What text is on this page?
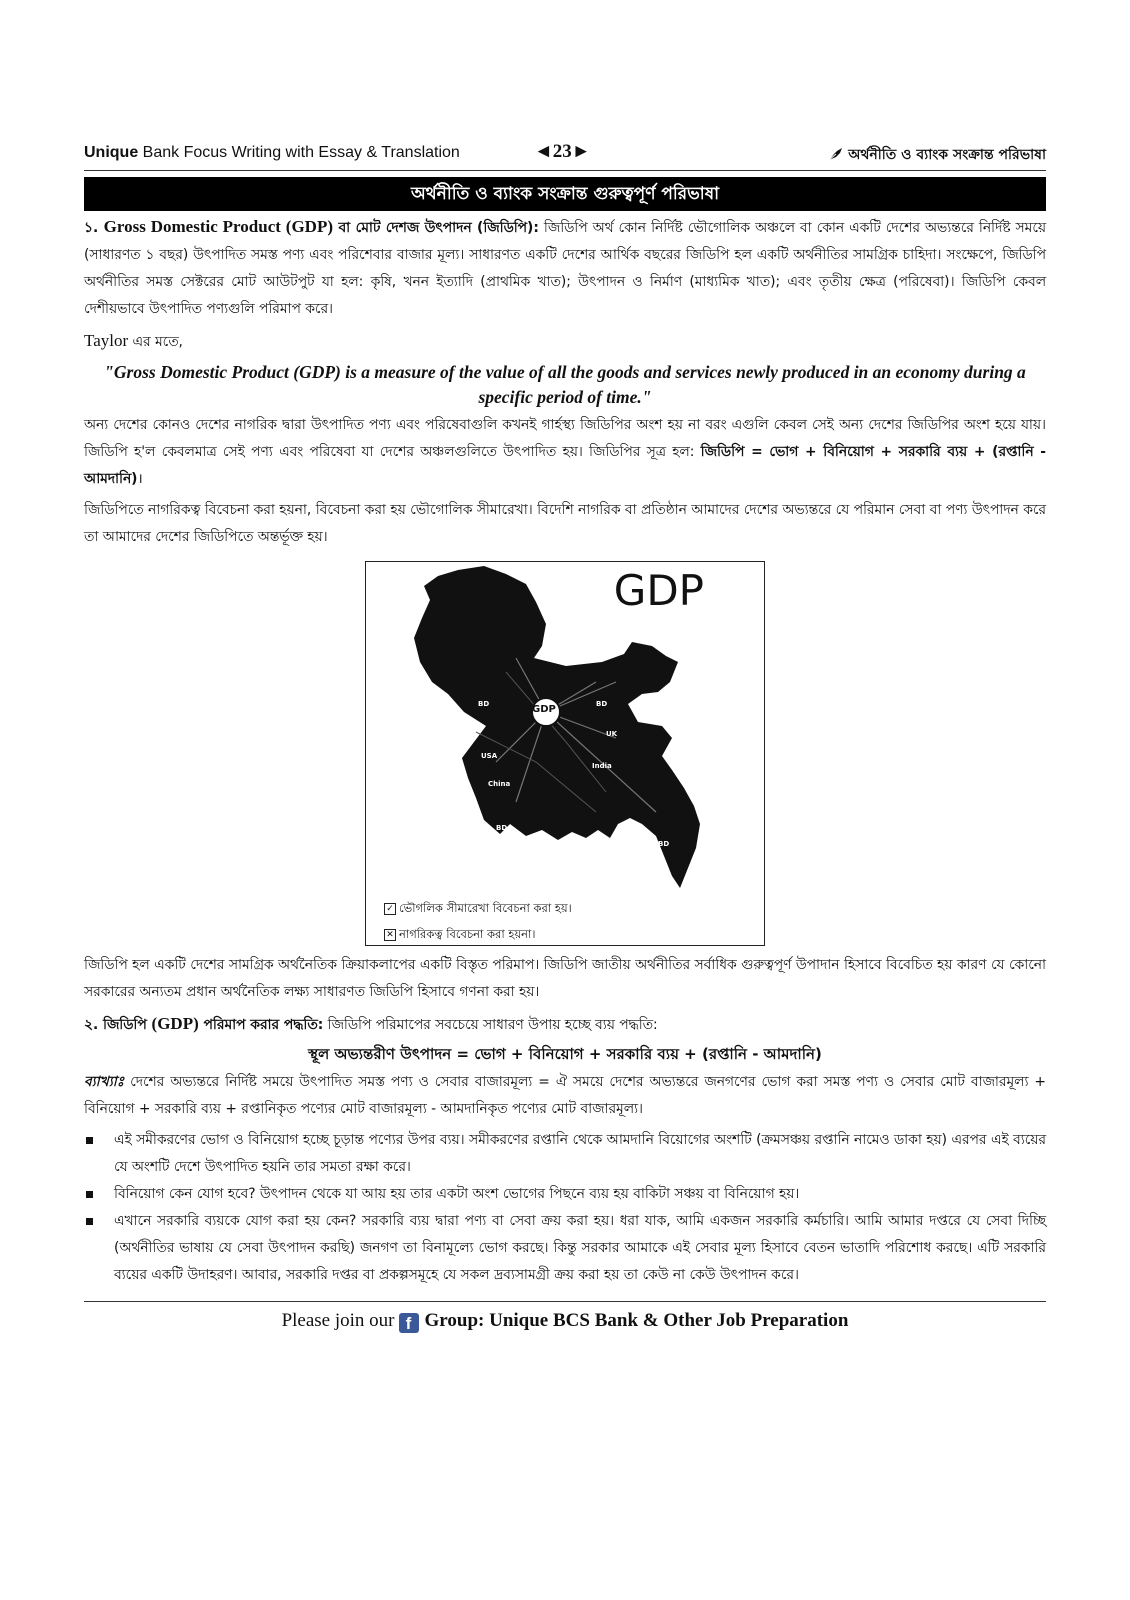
Unique Bank Focus Writing with Essay & Translation	◄23►	অর্থনীতি ও ব্যাংক সংক্রান্ত পরিভাষা
অর্থনীতি ও ব্যাংক সংক্রান্ত গুরুত্বপূর্ণ পরিভাষা

১. Gross Domestic Product (GDP) বা মোট দেশজ উৎপাদন (জিডিপি): জিডিপি অর্থ কোন নির্দিষ্ট ভৌগোলিক অঞ্চলে বা কোন একটি দেশের অভ্যন্তরে নির্দিষ্ট সময়ে (সাধারণত ১ বছর) উৎপাদিত সমস্ত পণ্য এবং পরিশেবার বাজার মূল্য। সাধারণত একটি দেশের আর্থিক বছরের জিডিপি হল একটি অর্থনীতির সামগ্রিক চাহিদা। সংক্ষেপে, জিডিপি অর্থনীতির সমস্ত সেক্টরের মোট আউটপুট যা হল: কৃষি, খনন ইত্যাদি (প্রাথমিক খাত); উৎপাদন ও নির্মাণ (মাধ্যমিক খাত); এবং তৃতীয় ক্ষেত্র (পরিষেবা)। জিডিপি কেবল দেশীয়ভাবে উৎপাদিত পণ্যগুলি পরিমাপ করে।

Taylor এর মতে,

"Gross Domestic Product (GDP) is a measure of the value of all the goods and services newly produced in an economy during a specific period of time."

অন্য দেশের কোনও দেশের নাগরিক দ্বারা উৎপাদিত পণ্য এবং পরিষেবাগুলি কখনই গার্হস্থ্য জিডিপির অংশ হয় না বরং এগুলি কেবল সেই অন্য দেশের জিডিপির অংশ হয়ে যায়। জিডিপি হ'ল কেবলমাত্র সেই পণ্য এবং পরিষেবা যা দেশের অঞ্চলগুলিতে উৎপাদিত হয়। জিডিপির সূত্র হল: জিডিপি = ভোগ + বিনিয়োগ + সরকারি ব্যয় + (রপ্তানি - আমদানি)।

জিডিপিতে নাগরিকত্ব বিবেচনা করা হয়না, বিবেচনা করা হয় ভৌগোলিক সীমারেখা। বিদেশি নাগরিক বা প্রতিষ্ঠান আমাদের দেশের অভ্যন্তরে যে পরিমান সেবা বা পণ্য উৎপাদন করে তা আমাদের দেশের জিডিপিতে অন্তর্ভূক্ত হয়।

GDP
GDP
BD	BD
USA
China
BD
UK
India
BD
✓ ভৌগলিক সীমারেখা বিবেচনা করা হয়।
✕ নাগরিকত্ব বিবেচনা করা হয়না।

জিডিপি হল একটি দেশের সামগ্রিক অর্থনৈতিক ক্রিয়াকলাপের একটি বিস্তৃত পরিমাপ। জিডিপি জাতীয় অর্থনীতির সর্বাধিক গুরুত্বপূর্ণ উপাদান হিসাবে বিবেচিত হয় কারণ যে কোনো সরকারের অন্যতম প্রধান অর্থনৈতিক লক্ষ্য সাধারণত জিডিপি হিসাবে গণনা করা হয়।

২. জিডিপি (GDP) পরিমাপ করার পদ্ধতি: জিডিপি পরিমাপের সবচেয়ে সাধারণ উপায় হচ্ছে ব্যয় পদ্ধতি:

স্থূল অভ্যন্তরীণ উৎপাদন = ভোগ + বিনিয়োগ + সরকারি ব্যয় + (রপ্তানি - আমদানি)

ব্যাখ্যাঃ দেশের অভ্যন্তরে নির্দিষ্ট সময়ে উৎপাদিত সমস্ত পণ্য ও সেবার বাজারমূল্য = ঐ সময়ে দেশের অভ্যন্তরে জনগণের ভোগ করা সমস্ত পণ্য ও সেবার মোট বাজারমূল্য + বিনিয়োগ + সরকারি ব্যয় + রপ্তানিকৃত পণ্যের মোট বাজারমূল্য - আমদানিকৃত পণ্যের মোট বাজারমূল্য।

এই সমীকরণের ভোগ ও বিনিয়োগ হচ্ছে চূড়ান্ত পণ্যের উপর ব্যয়। সমীকরণের রপ্তানি থেকে আমদানি বিয়োগের অংশটি (ক্রমসঞ্চয় রপ্তানি নামেও ডাকা হয়) এরপর এই ব্যয়ের যে অংশটি দেশে উৎপাদিত হয়নি তার সমতা রক্ষা করে।
বিনিয়োগ কেন যোগ হবে? উৎপাদন থেকে যা আয় হয় তার একটা অংশ ভোগের পিছনে ব্যয় হয় বাকিটা সঞ্চয় বা বিনিয়োগ হয়।
এখানে সরকারি ব্যয়কে যোগ করা হয় কেন? সরকারি ব্যয় দ্বারা পণ্য বা সেবা ক্রয় করা হয়। ধরা যাক, আমি একজন সরকারি কর্মচারি। আমি আমার দপ্তরে যে সেবা দিচ্ছি (অর্থনীতির ভাষায় যে সেবা উৎপাদন করছি) জনগণ তা বিনামূল্যে ভোগ করছে। কিন্তু সরকার আমাকে এই সেবার মূল্য হিসাবে বেতন ভাতাদি পরিশোধ করছে। এটি সরকারি ব্যয়ের একটি উদাহরণ। আবার, সরকারি দপ্তর বা প্রকল্পসমূহে যে সকল দ্রব্যসামগ্রী ক্রয় করা হয় তা কেউ না কেউ উৎপাদন করে।
Please join our f Group: Unique BCS Bank & Other Job Preparation
